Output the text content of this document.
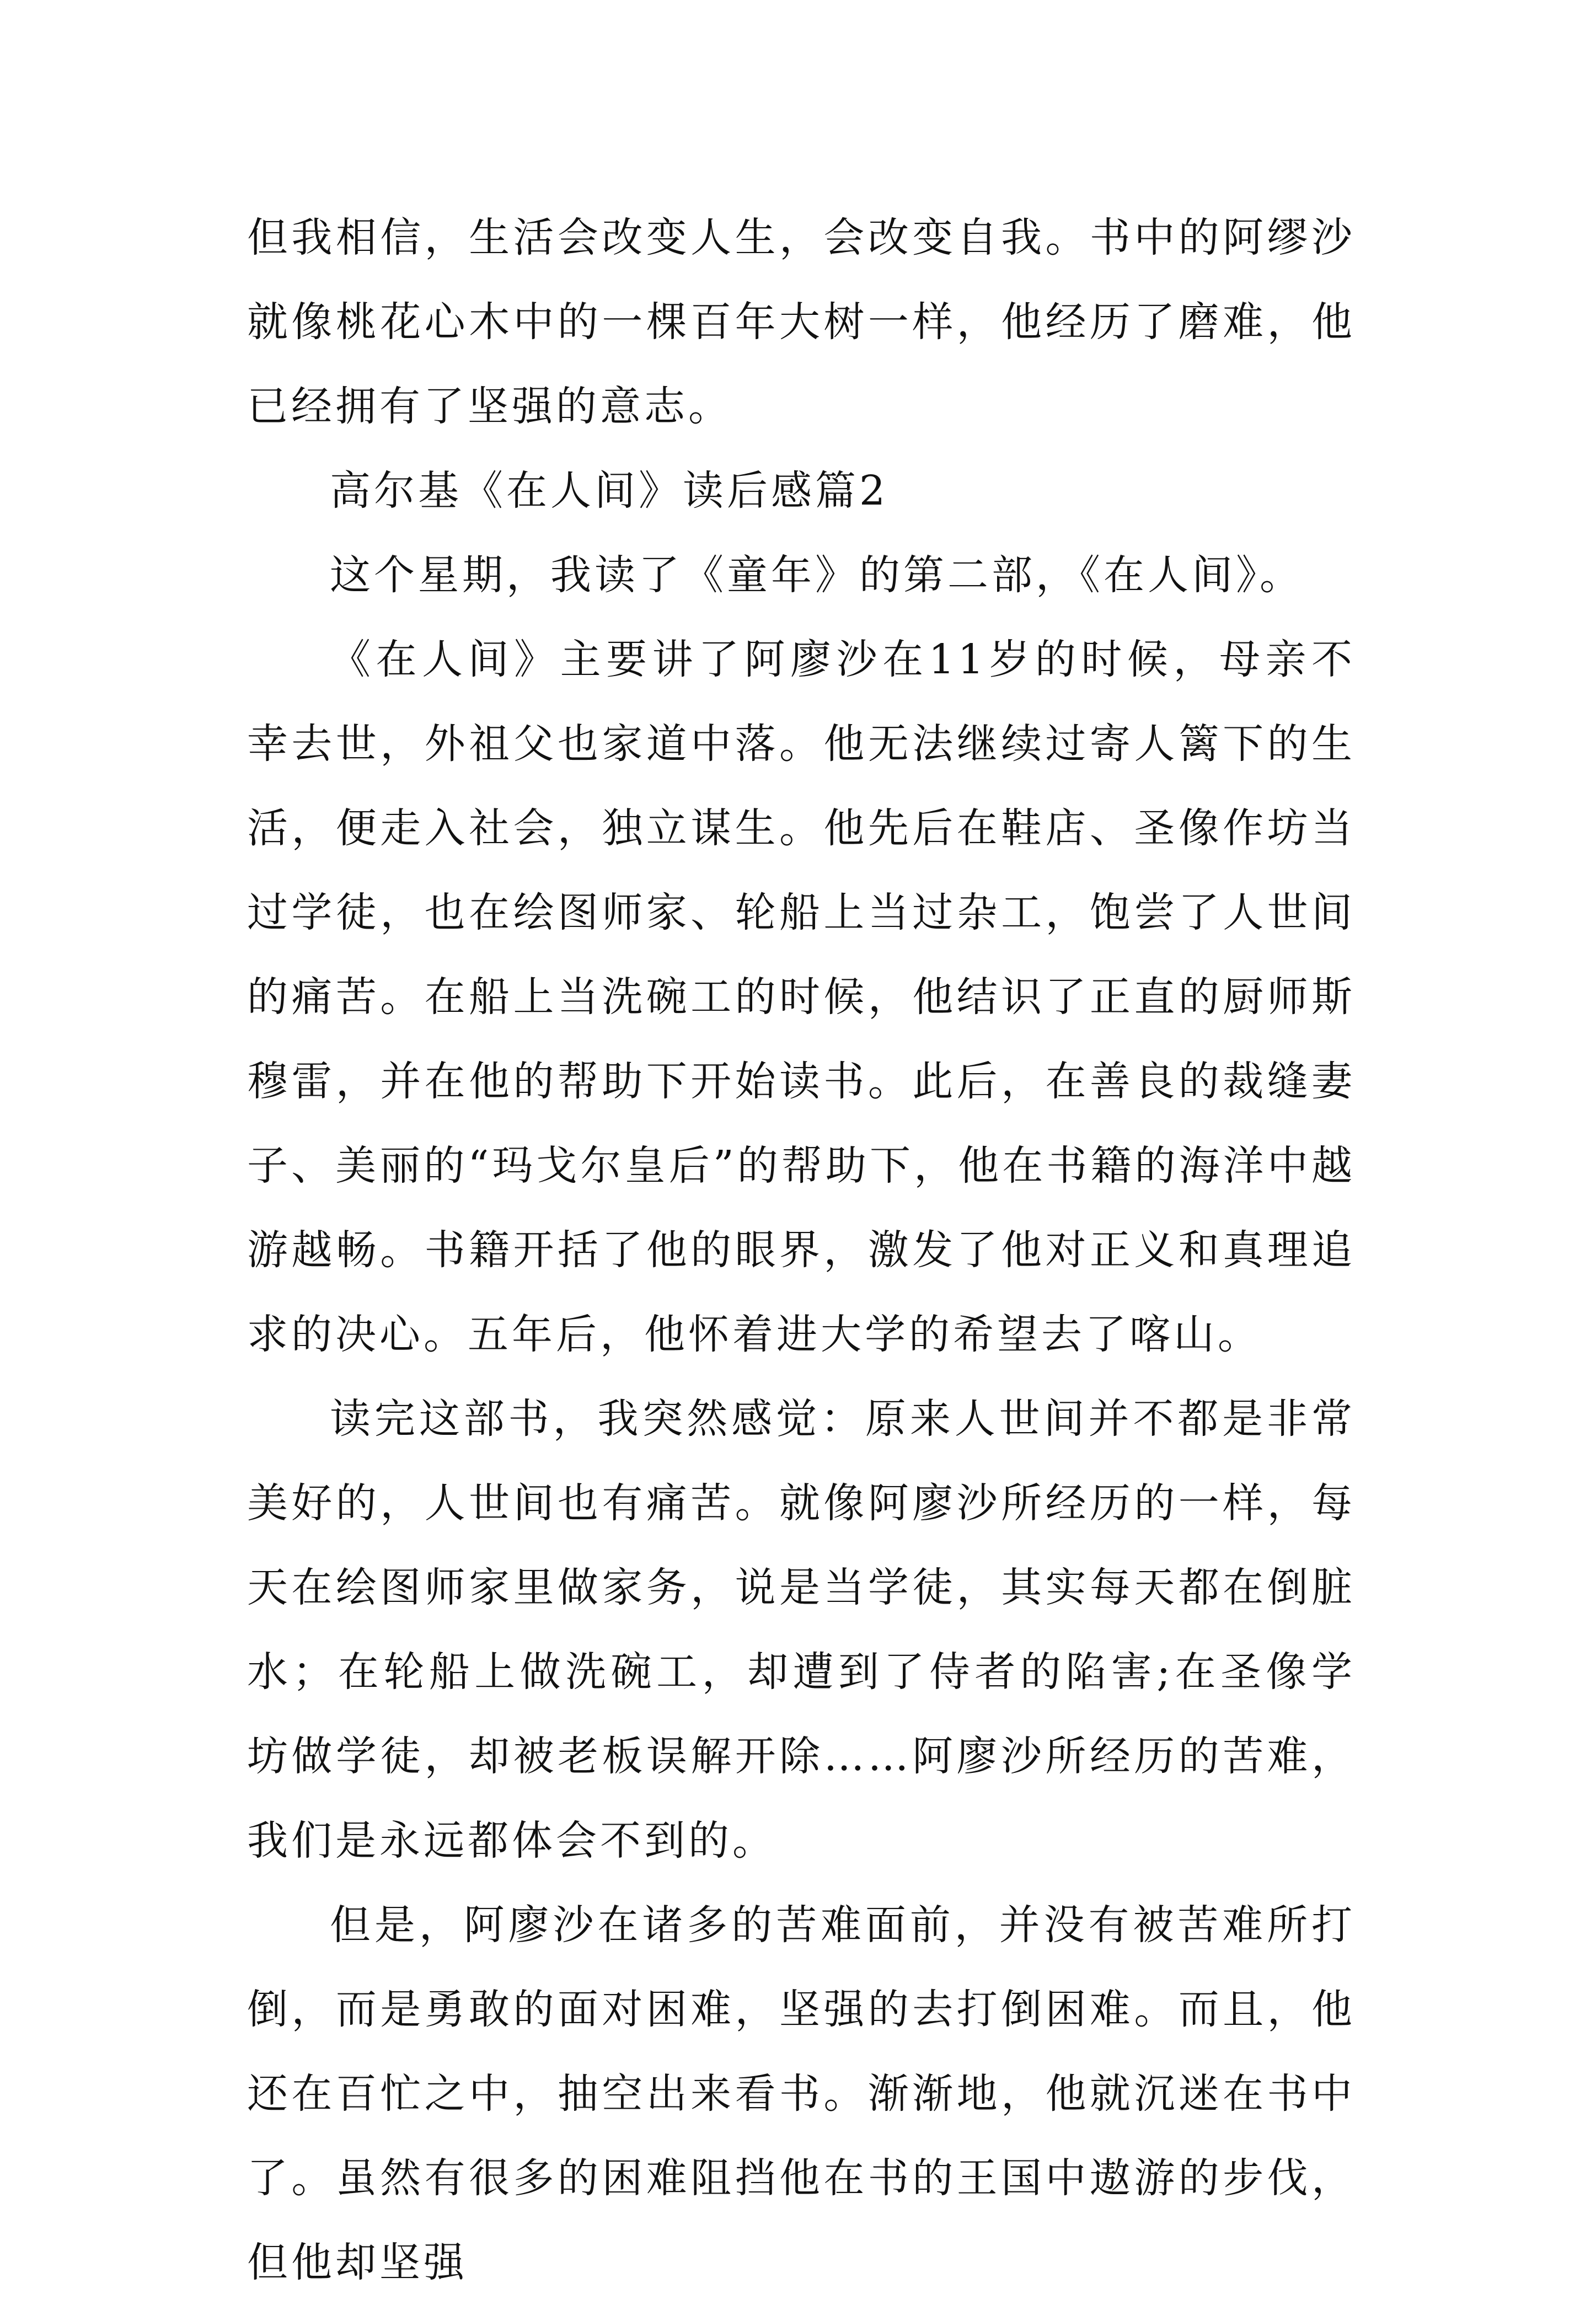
但我相信，生活会改变人生，会改变自我。书中的阿缪沙就像桃花心木中的一棵百年大树一样，他经历了磨难，他已经拥有了坚强的意志。

高尔基《在人间》读后感篇2

这个星期，我读了《童年》的第二部，《在人间》。

《在人间》主要讲了阿廖沙在11岁的时候，母亲不幸去世，外祖父也家道中落。他无法继续过寄人篱下的生活，便走入社会，独立谋生。他先后在鞋店、圣像作坊当过学徒，也在绘图师家、轮船上当过杂工，饱尝了人世间的痛苦。在船上当洗碗工的时候，他结识了正直的厨师斯穆雷，并在他的帮助下开始读书。此后，在善良的裁缝妻子、美丽的“玛戈尔皇后”的帮助下，他在书籍的海洋中越游越畅。书籍开括了他的眼界，激发了他对正义和真理追求的决心。五年后，他怀着进大学的希望去了喀山。

读完这部书，我突然感觉：原来人世间并不都是非常美好的，人世间也有痛苦。就像阿廖沙所经历的一样，每天在绘图师家里做家务，说是当学徒，其实每天都在倒脏水；在轮船上做洗碗工，却遭到了侍者的陷害;在圣像学坊做学徒，却被老板误解开除……阿廖沙所经历的苦难，我们是永远都体会不到的。

但是，阿廖沙在诸多的苦难面前，并没有被苦难所打倒，而是勇敢的面对困难，坚强的去打倒困难。而且，他还在百忙之中，抽空出来看书。渐渐地，他就沉迷在书中了。虽然有很多的困难阻挡他在书的王国中遨游的步伐，但他却坚强
